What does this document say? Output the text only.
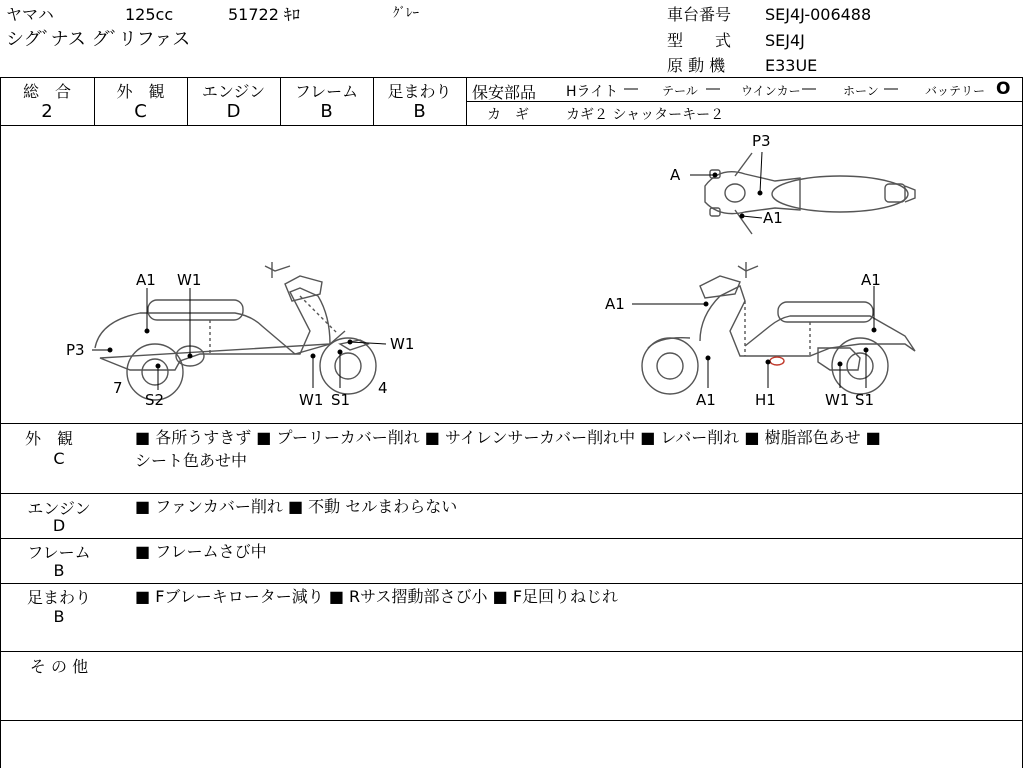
ヤマハ	125cc	51722 ｷﾛ	ｸﾞﾚｰ
シグﾞナス グﾞリファス
車台番号 SEJ4J-006488
型　　式 SEJ4J
原 動 機 E33UE
総　合
2
外　観
C
エンジン
D
フレーム
B
足まわり
B
保安部品 Hライト ― テール ― ウインカー ― ホーン ― バッテリー O
カ　ギ	カギ２ シャッターキー２
P3
A
A1
A1 W1
P3	W1
7
S2	W1 S1
4
A1
A1
A1	H1	W1 S1
外　観
C
■ 各所うすきず ■ プーリーカバー削れ ■ サイレンサーカバー削れ中 ■ レバー削れ ■ 樹脂部色あせ ■
シート色あせ中
エンジン
D
■ ファンカバー削れ ■ 不動 セルまわらない
フレーム
B
■ フレームさび中
足まわり
B
■ Fブレーキローター減り ■ Rサス摺動部さび小 ■ F足回りねじれ
そ の 他
